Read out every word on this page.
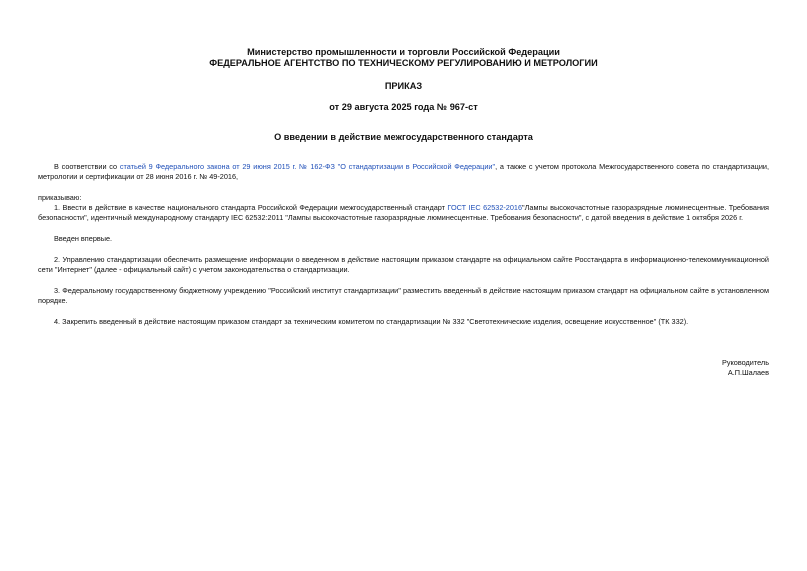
Министерство промышленности и торговли Российской Федерации
ФЕДЕРАЛЬНОЕ АГЕНТСТВО ПО ТЕХНИЧЕСКОМУ РЕГУЛИРОВАНИЮ И МЕТРОЛОГИИ
ПРИКАЗ
от 29 августа 2025 года № 967-ст
О введении в действие межгосударственного стандарта
В соответствии со статьей 9 Федерального закона от 29 июня 2015 г. № 162-ФЗ "О стандартизации в Российской Федерации", а также с учетом протокола Межгосударственного совета по стандартизации, метрологии и сертификации от 28 июня 2016 г. № 49-2016,
приказываю:
1. Ввести в действие в качестве национального стандарта Российской Федерации межгосударственный стандарт ГОСТ IEC 62532-2016"Лампы высокочастотные газоразрядные люминесцентные. Требования безопасности", идентичный международному стандарту IEC 62532:2011 "Лампы высокочастотные газоразрядные люминесцентные. Требования безопасности", с датой введения в действие 1 октября 2026 г.
Введен впервые.
2. Управлению стандартизации обеспечить размещение информации о введенном в действие настоящим приказом стандарте на официальном сайте Росстандарта в информационно-телекоммуникационной сети "Интернет" (далее - официальный сайт) с учетом законодательства о стандартизации.
3. Федеральному государственному бюджетному учреждению "Российский институт стандартизации" разместить введенный в действие настоящим приказом стандарт на официальном сайте в установленном порядке.
4. Закрепить введенный в действие настоящим приказом стандарт за техническим комитетом по стандартизации № 332 "Светотехнические изделия, освещение искусственное" (ТК 332).
Руководитель
А.П.Шалаев
